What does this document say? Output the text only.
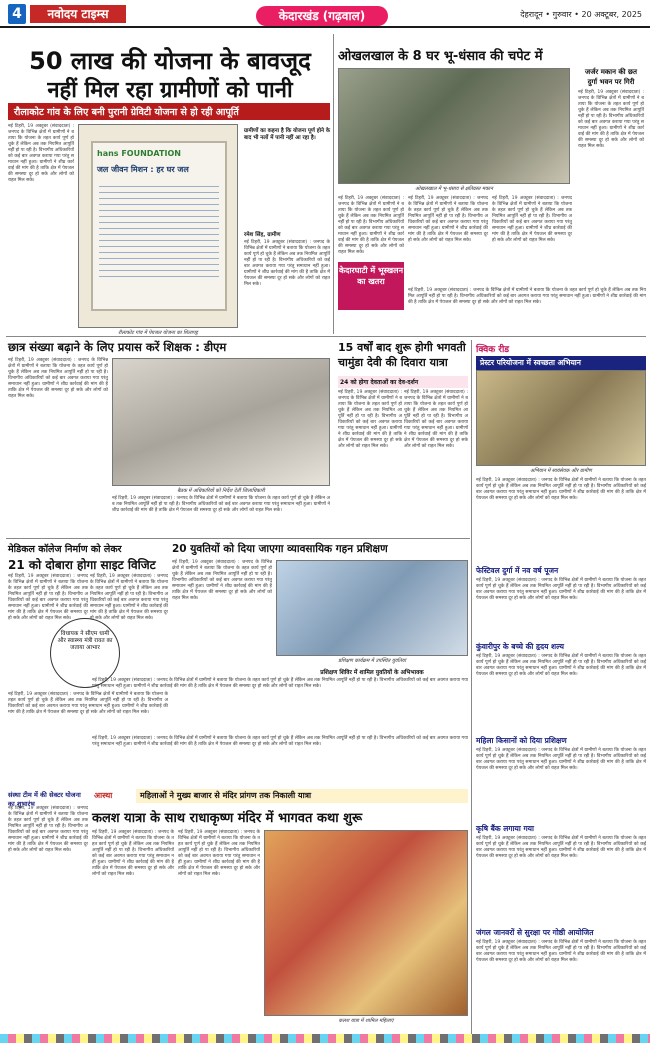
4	नवोदय टाइम्स	केदारखंड (गढ़वाल)	देहरादून • गुरुवार • 20 अक्टूबर, 2025
50 लाख की योजना के बावजूद
नहीं मिल रहा ग्रामीणों को पानी
रौलाकोट गांव के लिए बनी पुरानी ग्रेविटी योजना से हो रही आपूर्ति
नई टिहरी, 19 अक्टूबर (संवाददाता) : जनपद के विभिन्न क्षेत्रों में ग्रामीणों ने बताया कि योजना के तहत कार्य पूर्ण हो चुके हैं लेकिन अब तक नियमित आपूर्ति नहीं हो पा रही है। विभागीय अधिकारियों को कई बार अवगत कराया गया परंतु समाधान नहीं हुआ। ग्रामीणों ने शीघ्र कार्रवाई की मांग की है ताकि क्षेत्र में पेयजल की समस्या दूर हो सके और लोगों को राहत मिल सके।
hans FOUNDATION
जल जीवन मिशन : हर घर जल
रौलाकोट गांव में पेयजल योजना का शिलापट्ट
ग्रामीणों का कहना है कि योजना पूर्ण होने के बाद भी नलों में पानी नहीं आ रहा है।
रमेश सिंह, ग्रामीण
नई टिहरी, 19 अक्टूबर (संवाददाता) : जनपद के विभिन्न क्षेत्रों में ग्रामीणों ने बताया कि योजना के तहत कार्य पूर्ण हो चुके हैं लेकिन अब तक नियमित आपूर्ति नहीं हो पा रही है। विभागीय अधिकारियों को कई बार अवगत कराया गया परंतु समाधान नहीं हुआ। ग्रामीणों ने शीघ्र कार्रवाई की मांग की है ताकि क्षेत्र में पेयजल की समस्या दूर हो सके और लोगों को राहत मिल सके।
ओखलखाल के 8 घर भू-धंसाव की चपेट में
ओखलखाल में भू-धंसाव से क्षतिग्रस्त मकान
जर्जर मकान की छत
दुर्गा भवन पर गिरी
नई टिहरी, 19 अक्टूबर (संवाददाता) : जनपद के विभिन्न क्षेत्रों में ग्रामीणों ने बताया कि योजना के तहत कार्य पूर्ण हो चुके हैं लेकिन अब तक नियमित आपूर्ति नहीं हो पा रही है। विभागीय अधिकारियों को कई बार अवगत कराया गया परंतु समाधान नहीं हुआ। ग्रामीणों ने शीघ्र कार्रवाई की मांग की है ताकि क्षेत्र में पेयजल की समस्या दूर हो सके और लोगों को राहत मिल सके।
नई टिहरी, 19 अक्टूबर (संवाददाता) : जनपद के विभिन्न क्षेत्रों में ग्रामीणों ने बताया कि योजना के तहत कार्य पूर्ण हो चुके हैं लेकिन अब तक नियमित आपूर्ति नहीं हो पा रही है। विभागीय अधिकारियों को कई बार अवगत कराया गया परंतु समाधान नहीं हुआ। ग्रामीणों ने शीघ्र कार्रवाई की मांग की है ताकि क्षेत्र में पेयजल की समस्या दूर हो सके और लोगों को राहत मिल सके।
केदारघाटी में भूस्खलन का खतरा
नई टिहरी, 19 अक्टूबर (संवाददाता) : जनपद के विभिन्न क्षेत्रों में ग्रामीणों ने बताया कि योजना के तहत कार्य पूर्ण हो चुके हैं लेकिन अब तक नियमित आपूर्ति नहीं हो पा रही है। विभागीय अधिकारियों को कई बार अवगत कराया गया परंतु समाधान नहीं हुआ। ग्रामीणों ने शीघ्र कार्रवाई की मांग की है ताकि क्षेत्र में पेयजल की समस्या दूर हो सके और लोगों को राहत मिल सके।
नई टिहरी, 19 अक्टूबर (संवाददाता) : जनपद के विभिन्न क्षेत्रों में ग्रामीणों ने बताया कि योजना के तहत कार्य पूर्ण हो चुके हैं लेकिन अब तक नियमित आपूर्ति नहीं हो पा रही है। विभागीय अधिकारियों को कई बार अवगत कराया गया परंतु समाधान नहीं हुआ। ग्रामीणों ने शीघ्र कार्रवाई की मांग की है ताकि क्षेत्र में पेयजल की समस्या दूर हो सके और लोगों को राहत मिल सके।
नई टिहरी, 19 अक्टूबर (संवाददाता) : जनपद के विभिन्न क्षेत्रों में ग्रामीणों ने बताया कि योजना के तहत कार्य पूर्ण हो चुके हैं लेकिन अब तक नियमित आपूर्ति नहीं हो पा रही है। विभागीय अधिकारियों को कई बार अवगत कराया गया परंतु समाधान नहीं हुआ। ग्रामीणों ने शीघ्र कार्रवाई की मांग की है ताकि क्षेत्र में पेयजल की समस्या दूर हो सके और लोगों को राहत मिल सके।
छात्र संख्या बढ़ाने के लिए प्रयास करें शिक्षक : डीएम
नई टिहरी, 19 अक्टूबर (संवाददाता) : जनपद के विभिन्न क्षेत्रों में ग्रामीणों ने बताया कि योजना के तहत कार्य पूर्ण हो चुके हैं लेकिन अब तक नियमित आपूर्ति नहीं हो पा रही है। विभागीय अधिकारियों को कई बार अवगत कराया गया परंतु समाधान नहीं हुआ। ग्रामीणों ने शीघ्र कार्रवाई की मांग की है ताकि क्षेत्र में पेयजल की समस्या दूर हो सके और लोगों को राहत मिल सके।
बैठक में अधिकारियों को निर्देश देतीं जिलाधिकारी
नई टिहरी, 19 अक्टूबर (संवाददाता) : जनपद के विभिन्न क्षेत्रों में ग्रामीणों ने बताया कि योजना के तहत कार्य पूर्ण हो चुके हैं लेकिन अब तक नियमित आपूर्ति नहीं हो पा रही है। विभागीय अधिकारियों को कई बार अवगत कराया गया परंतु समाधान नहीं हुआ। ग्रामीणों ने शीघ्र कार्रवाई की मांग की है ताकि क्षेत्र में पेयजल की समस्या दूर हो सके और लोगों को राहत मिल सके।
15 वर्षों बाद शुरू होगी भगवती चामुंडा देवी की दिवारा यात्रा
24 को होगा देवताओं का देव-दर्शन
नई टिहरी, 19 अक्टूबर (संवाददाता) : जनपद के विभिन्न क्षेत्रों में ग्रामीणों ने बताया कि योजना के तहत कार्य पूर्ण हो चुके हैं लेकिन अब तक नियमित आपूर्ति नहीं हो पा रही है। विभागीय अधिकारियों को कई बार अवगत कराया गया परंतु समाधान नहीं हुआ। ग्रामीणों ने शीघ्र कार्रवाई की मांग की है ताकि क्षेत्र में पेयजल की समस्या दूर हो सके और लोगों को राहत मिल सके।
नई टिहरी, 19 अक्टूबर (संवाददाता) : जनपद के विभिन्न क्षेत्रों में ग्रामीणों ने बताया कि योजना के तहत कार्य पूर्ण हो चुके हैं लेकिन अब तक नियमित आपूर्ति नहीं हो पा रही है। विभागीय अधिकारियों को कई बार अवगत कराया गया परंतु समाधान नहीं हुआ। ग्रामीणों ने शीघ्र कार्रवाई की मांग की है ताकि क्षेत्र में पेयजल की समस्या दूर हो सके और लोगों को राहत मिल सके।
क्विक रीड
प्रेस्टर परियोजना में स्वच्छता अभियान
अभियान में स्वयंसेवक और ग्रामीण
नई टिहरी, 19 अक्टूबर (संवाददाता) : जनपद के विभिन्न क्षेत्रों में ग्रामीणों ने बताया कि योजना के तहत कार्य पूर्ण हो चुके हैं लेकिन अब तक नियमित आपूर्ति नहीं हो पा रही है। विभागीय अधिकारियों को कई बार अवगत कराया गया परंतु समाधान नहीं हुआ। ग्रामीणों ने शीघ्र कार्रवाई की मांग की है ताकि क्षेत्र में पेयजल की समस्या दूर हो सके और लोगों को राहत मिल सके।
फेस्टिवल दुर्गा में नव वर्ष पूजन
नई टिहरी, 19 अक्टूबर (संवाददाता) : जनपद के विभिन्न क्षेत्रों में ग्रामीणों ने बताया कि योजना के तहत कार्य पूर्ण हो चुके हैं लेकिन अब तक नियमित आपूर्ति नहीं हो पा रही है। विभागीय अधिकारियों को कई बार अवगत कराया गया परंतु समाधान नहीं हुआ। ग्रामीणों ने शीघ्र कार्रवाई की मांग की है ताकि क्षेत्र में पेयजल की समस्या दूर हो सके और लोगों को राहत मिल सके।
कुंवारीपुर के बच्चे की हृदय शल्य
नई टिहरी, 19 अक्टूबर (संवाददाता) : जनपद के विभिन्न क्षेत्रों में ग्रामीणों ने बताया कि योजना के तहत कार्य पूर्ण हो चुके हैं लेकिन अब तक नियमित आपूर्ति नहीं हो पा रही है। विभागीय अधिकारियों को कई बार अवगत कराया गया परंतु समाधान नहीं हुआ। ग्रामीणों ने शीघ्र कार्रवाई की मांग की है ताकि क्षेत्र में पेयजल की समस्या दूर हो सके और लोगों को राहत मिल सके।
महिला किसानों को दिया प्रशिक्षण
नई टिहरी, 19 अक्टूबर (संवाददाता) : जनपद के विभिन्न क्षेत्रों में ग्रामीणों ने बताया कि योजना के तहत कार्य पूर्ण हो चुके हैं लेकिन अब तक नियमित आपूर्ति नहीं हो पा रही है। विभागीय अधिकारियों को कई बार अवगत कराया गया परंतु समाधान नहीं हुआ। ग्रामीणों ने शीघ्र कार्रवाई की मांग की है ताकि क्षेत्र में पेयजल की समस्या दूर हो सके और लोगों को राहत मिल सके।
कृषि बैंक लगाया गया
नई टिहरी, 19 अक्टूबर (संवाददाता) : जनपद के विभिन्न क्षेत्रों में ग्रामीणों ने बताया कि योजना के तहत कार्य पूर्ण हो चुके हैं लेकिन अब तक नियमित आपूर्ति नहीं हो पा रही है। विभागीय अधिकारियों को कई बार अवगत कराया गया परंतु समाधान नहीं हुआ। ग्रामीणों ने शीघ्र कार्रवाई की मांग की है ताकि क्षेत्र में पेयजल की समस्या दूर हो सके और लोगों को राहत मिल सके।
जंगल जानवरों से सुरक्षा पर गोष्ठी आयोजित
नई टिहरी, 19 अक्टूबर (संवाददाता) : जनपद के विभिन्न क्षेत्रों में ग्रामीणों ने बताया कि योजना के तहत कार्य पूर्ण हो चुके हैं लेकिन अब तक नियमित आपूर्ति नहीं हो पा रही है। विभागीय अधिकारियों को कई बार अवगत कराया गया परंतु समाधान नहीं हुआ। ग्रामीणों ने शीघ्र कार्रवाई की मांग की है ताकि क्षेत्र में पेयजल की समस्या दूर हो सके और लोगों को राहत मिल सके।
मेडिकल कॉलेज निर्माण को लेकर
21 को दोबारा होगा साइट विजिट
नई टिहरी, 19 अक्टूबर (संवाददाता) : जनपद के विभिन्न क्षेत्रों में ग्रामीणों ने बताया कि योजना के तहत कार्य पूर्ण हो चुके हैं लेकिन अब तक नियमित आपूर्ति नहीं हो पा रही है। विभागीय अधिकारियों को कई बार अवगत कराया गया परंतु समाधान नहीं हुआ। ग्रामीणों ने शीघ्र कार्रवाई की मांग की है ताकि क्षेत्र में पेयजल की समस्या दूर हो सके और लोगों को राहत मिल सके।
विधायक ने सीएम धामी और स्वास्थ्य मंत्री रावत का जताया आभार
नई टिहरी, 19 अक्टूबर (संवाददाता) : जनपद के विभिन्न क्षेत्रों में ग्रामीणों ने बताया कि योजना के तहत कार्य पूर्ण हो चुके हैं लेकिन अब तक नियमित आपूर्ति नहीं हो पा रही है। विभागीय अधिकारियों को कई बार अवगत कराया गया परंतु समाधान नहीं हुआ। ग्रामीणों ने शीघ्र कार्रवाई की मांग की है ताकि क्षेत्र में पेयजल की समस्या दूर हो सके और लोगों को राहत मिल सके।
नई टिहरी, 19 अक्टूबर (संवाददाता) : जनपद के विभिन्न क्षेत्रों में ग्रामीणों ने बताया कि योजना के तहत कार्य पूर्ण हो चुके हैं लेकिन अब तक नियमित आपूर्ति नहीं हो पा रही है। विभागीय अधिकारियों को कई बार अवगत कराया गया परंतु समाधान नहीं हुआ। ग्रामीणों ने शीघ्र कार्रवाई की मांग की है ताकि क्षेत्र में पेयजल की समस्या दूर हो सके और लोगों को राहत मिल सके।
संस्था टीम में की सेक्टर योजना का शुभारंभ
नई टिहरी, 19 अक्टूबर (संवाददाता) : जनपद के विभिन्न क्षेत्रों में ग्रामीणों ने बताया कि योजना के तहत कार्य पूर्ण हो चुके हैं लेकिन अब तक नियमित आपूर्ति नहीं हो पा रही है। विभागीय अधिकारियों को कई बार अवगत कराया गया परंतु समाधान नहीं हुआ। ग्रामीणों ने शीघ्र कार्रवाई की मांग की है ताकि क्षेत्र में पेयजल की समस्या दूर हो सके और लोगों को राहत मिल सके।
20 युवतियों को दिया जाएगा व्यावसायिक गहन प्रशिक्षण
नई टिहरी, 19 अक्टूबर (संवाददाता) : जनपद के विभिन्न क्षेत्रों में ग्रामीणों ने बताया कि योजना के तहत कार्य पूर्ण हो चुके हैं लेकिन अब तक नियमित आपूर्ति नहीं हो पा रही है। विभागीय अधिकारियों को कई बार अवगत कराया गया परंतु समाधान नहीं हुआ। ग्रामीणों ने शीघ्र कार्रवाई की मांग की है ताकि क्षेत्र में पेयजल की समस्या दूर हो सके और लोगों को राहत मिल सके।
प्रशिक्षण कार्यक्रम में उपस्थित युवतियां
प्रशिक्षण शिविर में शामिल युवतियों के अभिभावक
नई टिहरी, 19 अक्टूबर (संवाददाता) : जनपद के विभिन्न क्षेत्रों में ग्रामीणों ने बताया कि योजना के तहत कार्य पूर्ण हो चुके हैं लेकिन अब तक नियमित आपूर्ति नहीं हो पा रही है। विभागीय अधिकारियों को कई बार अवगत कराया गया परंतु समाधान नहीं हुआ। ग्रामीणों ने शीघ्र कार्रवाई की मांग की है ताकि क्षेत्र में पेयजल की समस्या दूर हो सके और लोगों को राहत मिल सके।
नई टिहरी, 19 अक्टूबर (संवाददाता) : जनपद के विभिन्न क्षेत्रों में ग्रामीणों ने बताया कि योजना के तहत कार्य पूर्ण हो चुके हैं लेकिन अब तक नियमित आपूर्ति नहीं हो पा रही है। विभागीय अधिकारियों को कई बार अवगत कराया गया परंतु समाधान नहीं हुआ। ग्रामीणों ने शीघ्र कार्रवाई की मांग की है ताकि क्षेत्र में पेयजल की समस्या दूर हो सके और लोगों को राहत मिल सके।
आस्था	महिलाओं ने मुख्य बाजार से मंदिर प्रांगण तक निकाली यात्रा
कलश यात्रा के साथ राधाकृष्ण मंदिर में भागवत कथा शुरू
नई टिहरी, 19 अक्टूबर (संवाददाता) : जनपद के विभिन्न क्षेत्रों में ग्रामीणों ने बताया कि योजना के तहत कार्य पूर्ण हो चुके हैं लेकिन अब तक नियमित आपूर्ति नहीं हो पा रही है। विभागीय अधिकारियों को कई बार अवगत कराया गया परंतु समाधान नहीं हुआ। ग्रामीणों ने शीघ्र कार्रवाई की मांग की है ताकि क्षेत्र में पेयजल की समस्या दूर हो सके और लोगों को राहत मिल सके।
नई टिहरी, 19 अक्टूबर (संवाददाता) : जनपद के विभिन्न क्षेत्रों में ग्रामीणों ने बताया कि योजना के तहत कार्य पूर्ण हो चुके हैं लेकिन अब तक नियमित आपूर्ति नहीं हो पा रही है। विभागीय अधिकारियों को कई बार अवगत कराया गया परंतु समाधान नहीं हुआ। ग्रामीणों ने शीघ्र कार्रवाई की मांग की है ताकि क्षेत्र में पेयजल की समस्या दूर हो सके और लोगों को राहत मिल सके।
कलश यात्रा में शामिल महिलाएं
